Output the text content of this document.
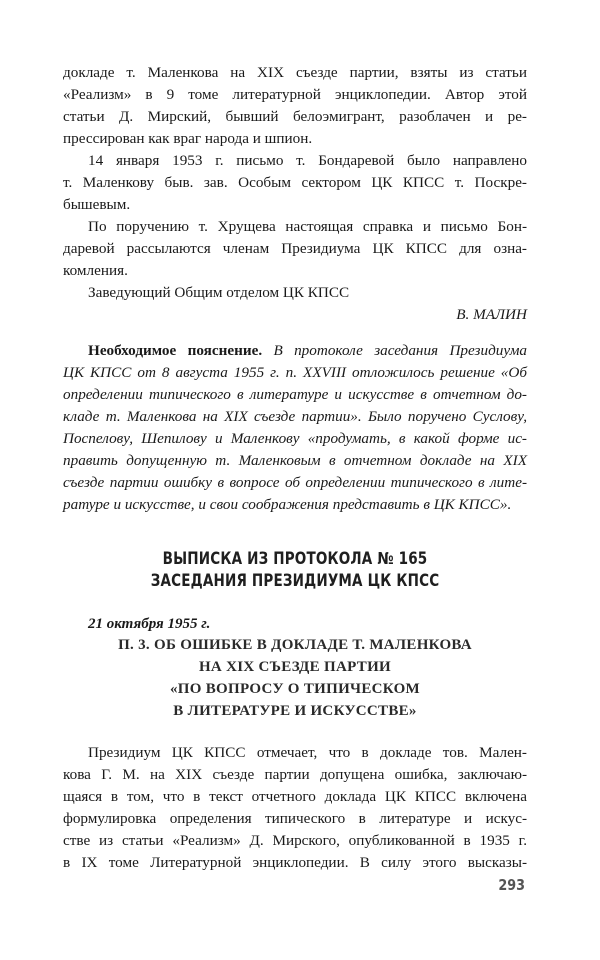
докладе т. Маленкова на XIX съезде партии, взяты из статьи
«Реализм» в 9 томе литературной энциклопедии. Автор этой
статьи Д. Мирский, бывший белоэмигрант, разоблачен и ре-
прессирован как враг народа и шпион.
14 января 1953 г. письмо т. Бондаревой было направлено
т. Маленкову быв. зав. Особым сектором ЦК КПСС т. Поскре-
бышевым.
По поручению т. Хрущева настоящая справка и письмо Бон-
даревой рассылаются членам Президиума ЦК КПСС для озна-
комления.
Заведующий Общим отделом ЦК КПСС
В. МАЛИН
Необходимое пояснение. В протоколе заседания Президиума
ЦК КПСС от 8 августа 1955 г. п. XXVIII отложилось решение «Об
определении типического в литературе и искусстве в отчетном до-
кладе т. Маленкова на XIX съезде партии». Было поручено Суслову,
Поспелову, Шепилову и Маленкову «продумать, в какой форме ис-
править допущенную т. Маленковым в отчетном докладе на XIX
съезде партии ошибку в вопросе об определении типического в лите-
ратуре и искусстве, и свои соображения представить в ЦК КПСС».
ВЫПИСКА ИЗ ПРОТОКОЛА № 165
ЗАСЕДАНИЯ ПРЕЗИДИУМА ЦК КПСС
21 октября 1955 г.
П. 3. ОБ ОШИБКЕ В ДОКЛАДЕ Т. МАЛЕНКОВА
НА XIX СЪЕЗДЕ ПАРТИИ
«ПО ВОПРОСУ О ТИПИЧЕСКОМ
В ЛИТЕРАТУРЕ И ИСКУССТВЕ»
Президиум ЦК КПСС отмечает, что в докладе тов. Мален-
кова Г. М. на XIX съезде партии допущена ошибка, заключаю-
щаяся в том, что в текст отчетного доклада ЦК КПСС включена
формулировка определения типического в литературе и искус-
стве из статьи «Реализм» Д. Мирского, опубликованной в 1935 г.
в IX томе Литературной энциклопедии. В силу этого высказы-
293
